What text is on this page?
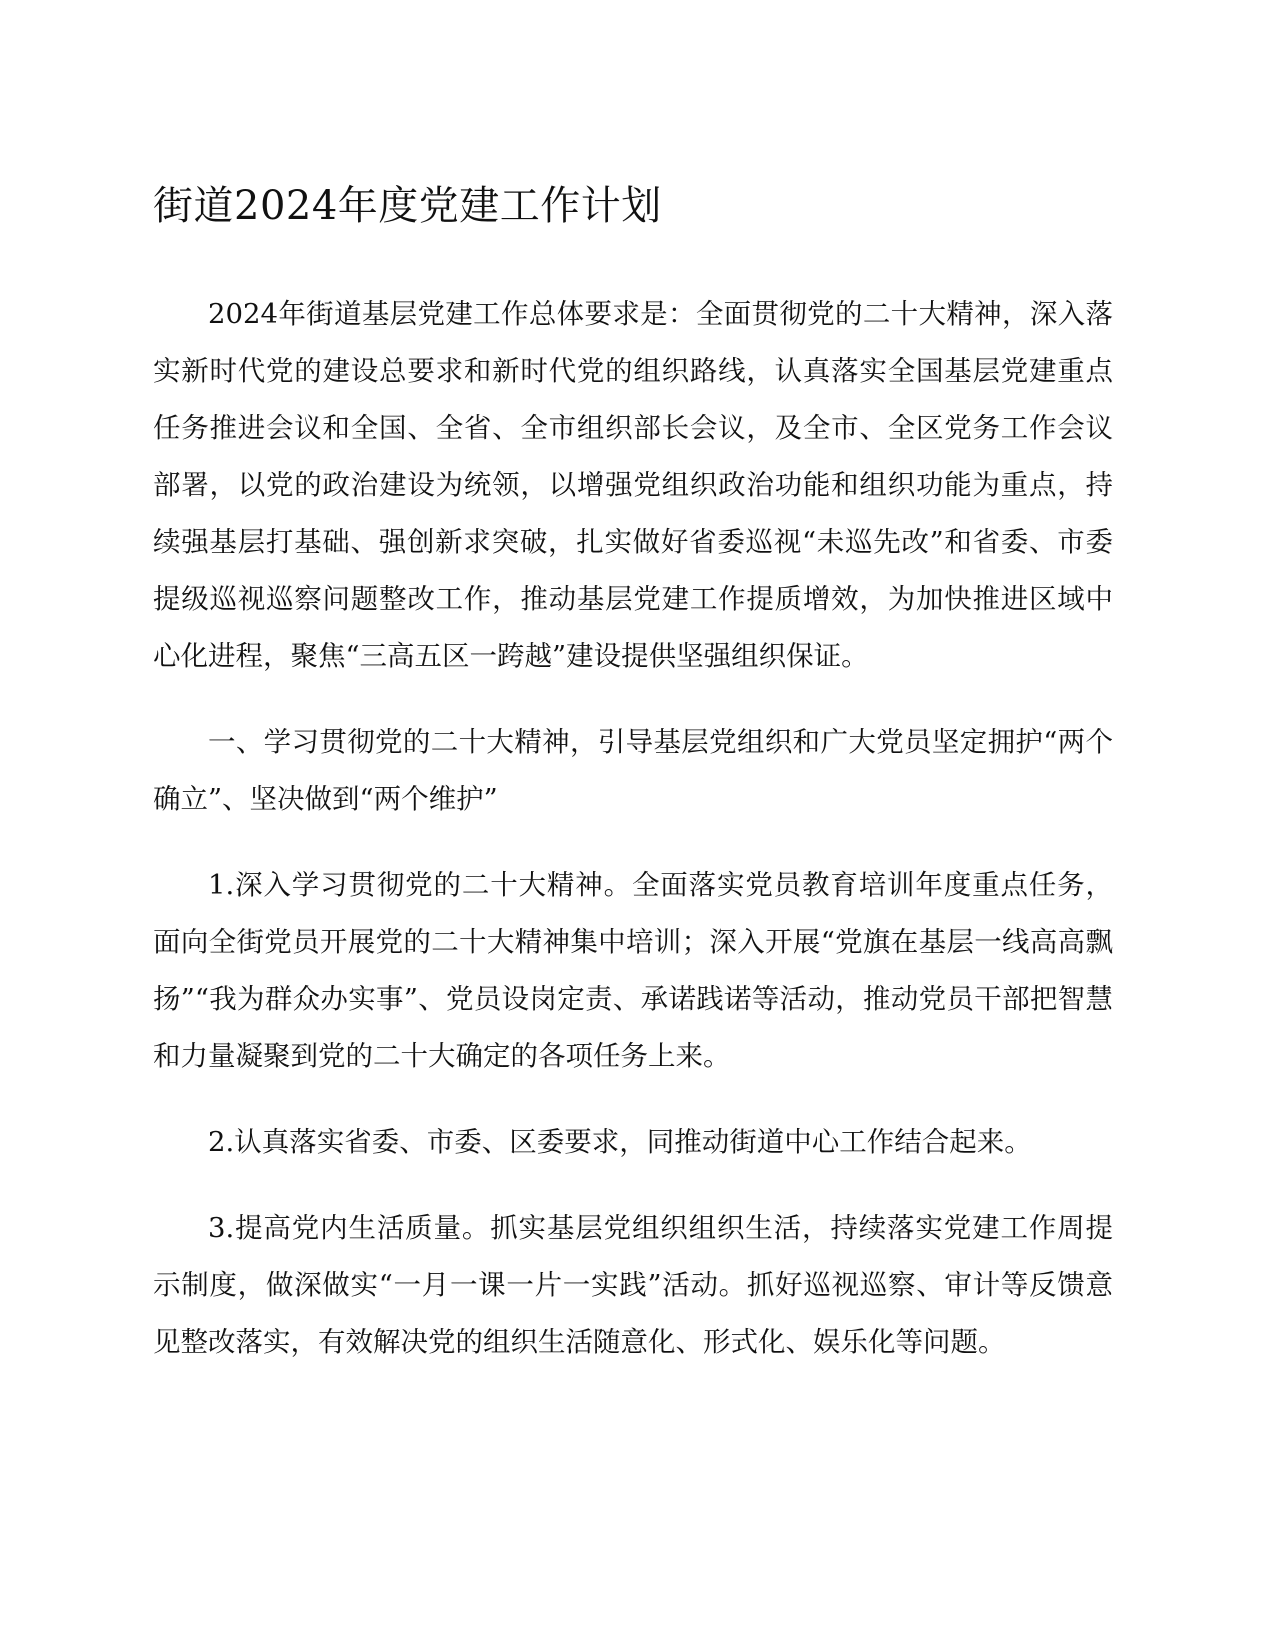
街道2024年度党建工作计划

2024年街道基层党建工作总体要求是：全面贯彻党的二十大精神，深入落实新时代党的建设总要求和新时代党的组织路线，认真落实全国基层党建重点任务推进会议和全国、全省、全市组织部长会议，及全市、全区党务工作会议部署，以党的政治建设为统领，以增强党组织政治功能和组织功能为重点，持续强基层打基础、强创新求突破，扎实做好省委巡视“未巡先改”和省委、市委提级巡视巡察问题整改工作，推动基层党建工作提质增效，为加快推进区域中心化进程，聚焦“三高五区一跨越”建设提供坚强组织保证。

一、学习贯彻党的二十大精神，引导基层党组织和广大党员坚定拥护“两个确立”、坚决做到“两个维护”

1.深入学习贯彻党的二十大精神。全面落实党员教育培训年度重点任务，面向全街党员开展党的二十大精神集中培训；深入开展“党旗在基层一线高高飘扬”“我为群众办实事”、党员设岗定责、承诺践诺等活动，推动党员干部把智慧和力量凝聚到党的二十大确定的各项任务上来。

2.认真落实省委、市委、区委要求，同推动街道中心工作结合起来。

3.提高党内生活质量。抓实基层党组织组织生活，持续落实党建工作周提示制度，做深做实“一月一课一片一实践”活动。抓好巡视巡察、审计等反馈意见整改落实，有效解决党的组织生活随意化、形式化、娱乐化等问题。
